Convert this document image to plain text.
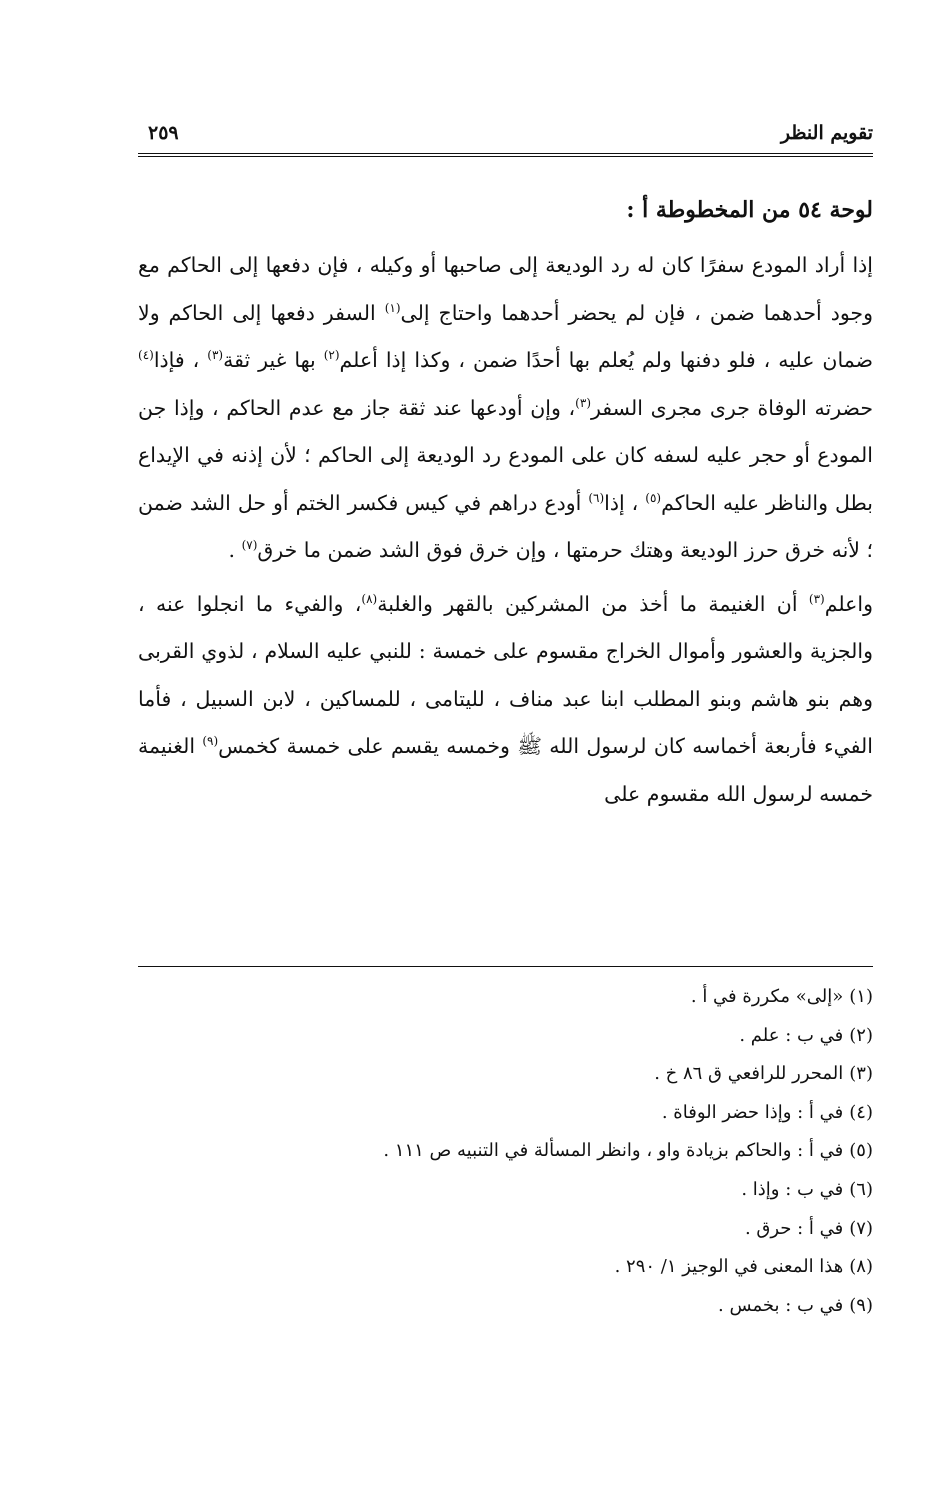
تقويم النظر
٢٥٩
لوحة ٥٤ من المخطوطة أ :

إذا أراد المودع سفرًا كان له رد الوديعة إلى صاحبها أو وكيله ، فإن دفعها إلى الحاكم مع وجود أحدهما ضمن ، فإن لم يحضر أحدهما واحتاج إلى$^{(١)}$ السفر دفعها إلى الحاكم ولا ضمان عليه ، فلو دفنها ولم يُعلم بها أحدًا ضمن ، وكذا إذا أعلم$^{(٢)}$ بها غير ثقة$^{(٣)}$ ، فإذا$^{(٤)}$ حضرته الوفاة جرى مجرى السفر$^{(٣)}$، وإن أودعها عند ثقة جاز مع عدم الحاكم ، وإذا جن المودع أو حجر عليه لسفه كان على المودع رد الوديعة إلى الحاكم ؛ لأن إذنه في الإيداع بطل والناظر عليه الحاكم$^{(٥)}$ ، إذا$^{(٦)}$ أودع دراهم في كيس فكسر الختم أو حل الشد ضمن ؛ لأنه خرق حرز الوديعة وهتك حرمتها ، وإن خرق فوق الشد ضمن ما خرق$^{(٧)}$ .

واعلم$^{(٣)}$ أن الغنيمة ما أخذ من المشركين بالقهر والغلبة$^{(٨)}$، والفيء ما انجلوا عنه ، والجزية والعشور وأموال الخراج مقسوم على خمسة : للنبي عليه السلام ، لذوي القربى وهم بنو هاشم وبنو المطلب ابنا عبد مناف ، لليتامى ، للمساكين ، لابن السبيل ، فأما الفيء فأربعة أخماسه كان لرسول الله ﷺ وخمسه يقسم على خمسة كخمس$^{(٩)}$ الغنيمة خمسه لرسول الله مقسوم على

(١)«إلى» مكررة في أ .
(٢)في ب : علم .
(٣)المحرر للرافعي ق ٨٦ خ .
(٤)في أ : وإذا حضر الوفاة .
(٥)في أ : والحاكم بزيادة واو ، وانظر المسألة في التنبيه ص ١١١ .
(٦)في ب : وإذا .
(٧)في أ : حرق .
(٨)هذا المعنى في الوجيز ١/ ٢٩٠ .
(٩)في ب : بخمس .
